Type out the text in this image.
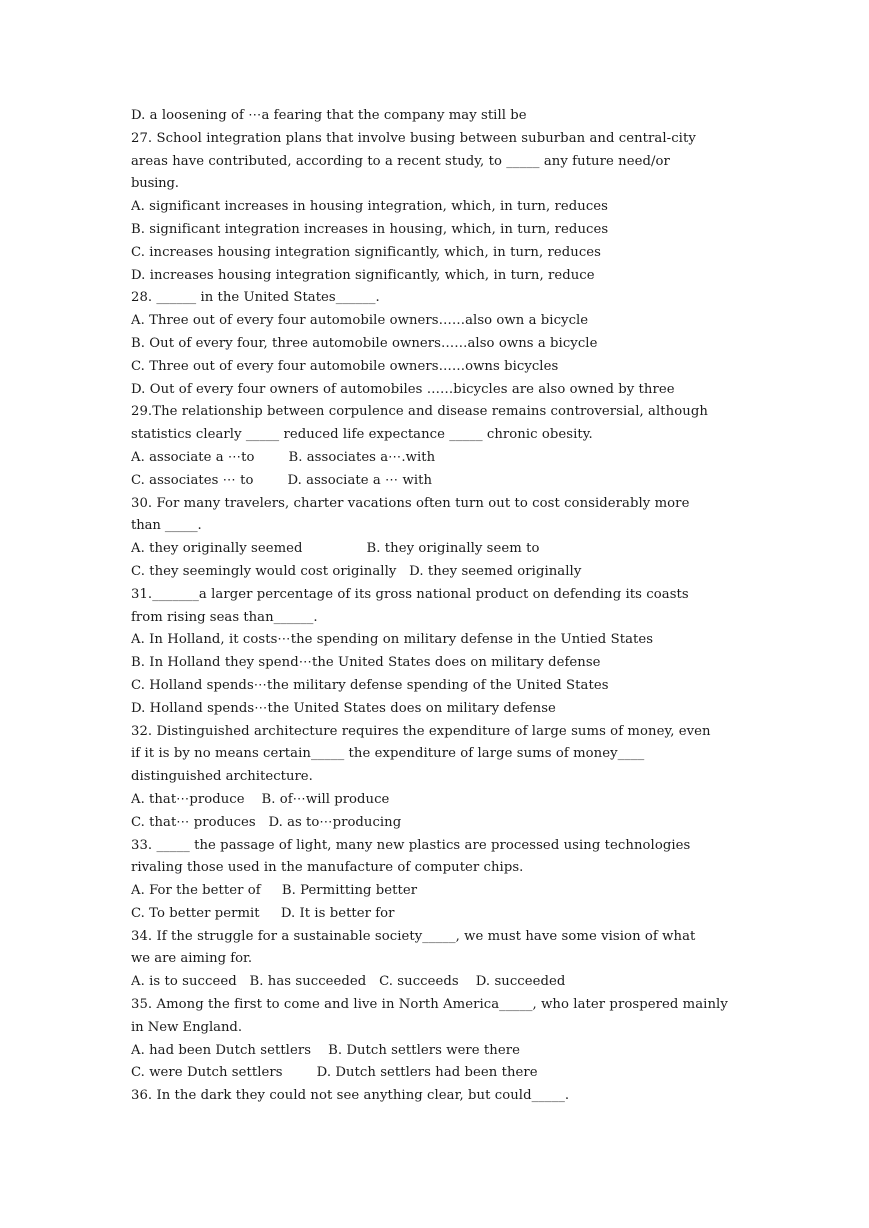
D. a loosening of ⋯a fearing that the company may still be
27. School integration plans that involve busing between suburban and central-city
areas have contributed, according to a recent study, to _____ any future need/or
busing.
A. significant increases in housing integration, which, in turn, reduces
B. significant integration increases in housing, which, in turn, reduces
C. increases housing integration significantly, which, in turn, reduces
D. increases housing integration significantly, which, in turn, reduce
28. ______ in the United States______.
A. Three out of every four automobile owners……also own a bicycle
B. Out of every four, three automobile owners……also owns a bicycle
C. Three out of every four automobile owners……owns bicycles
D. Out of every four owners of automobiles ……bicycles are also owned by three
29.The relationship between corpulence and disease remains controversial, although
statistics clearly _____ reduced life expectance _____ chronic obesity.
A. associate a ⋯to        B. associates a⋯.with
C. associates ⋯ to        D. associate a ⋯ with
30. For many travelers, charter vacations often turn out to cost considerably more
than _____.
A. they originally seemed               B. they originally seem to
C. they seemingly would cost originally   D. they seemed originally
31._______a larger percentage of its gross national product on defending its coasts
from rising seas than______.
A. In Holland, it costs⋯the spending on military defense in the Untied States
B. In Holland they spend⋯the United States does on military defense
C. Holland spends⋯the military defense spending of the United States
D. Holland spends⋯the United States does on military defense
32. Distinguished architecture requires the expenditure of large sums of money, even
if it is by no means certain_____ the expenditure of large sums of money____
distinguished architecture.
A. that⋯produce    B. of⋯will produce
C. that⋯ produces   D. as to⋯producing
33. _____ the passage of light, many new plastics are processed using technologies
rivaling those used in the manufacture of computer chips.
A. For the better of     B. Permitting better
C. To better permit     D. It is better for
34. If the struggle for a sustainable society_____, we must have some vision of what
we are aiming for.
A. is to succeed   B. has succeeded   C. succeeds    D. succeeded
35. Among the first to come and live in North America_____, who later prospered mainly
in New England.
A. had been Dutch settlers    B. Dutch settlers were there
C. were Dutch settlers        D. Dutch settlers had been there
36. In the dark they could not see anything clear, but could_____.
